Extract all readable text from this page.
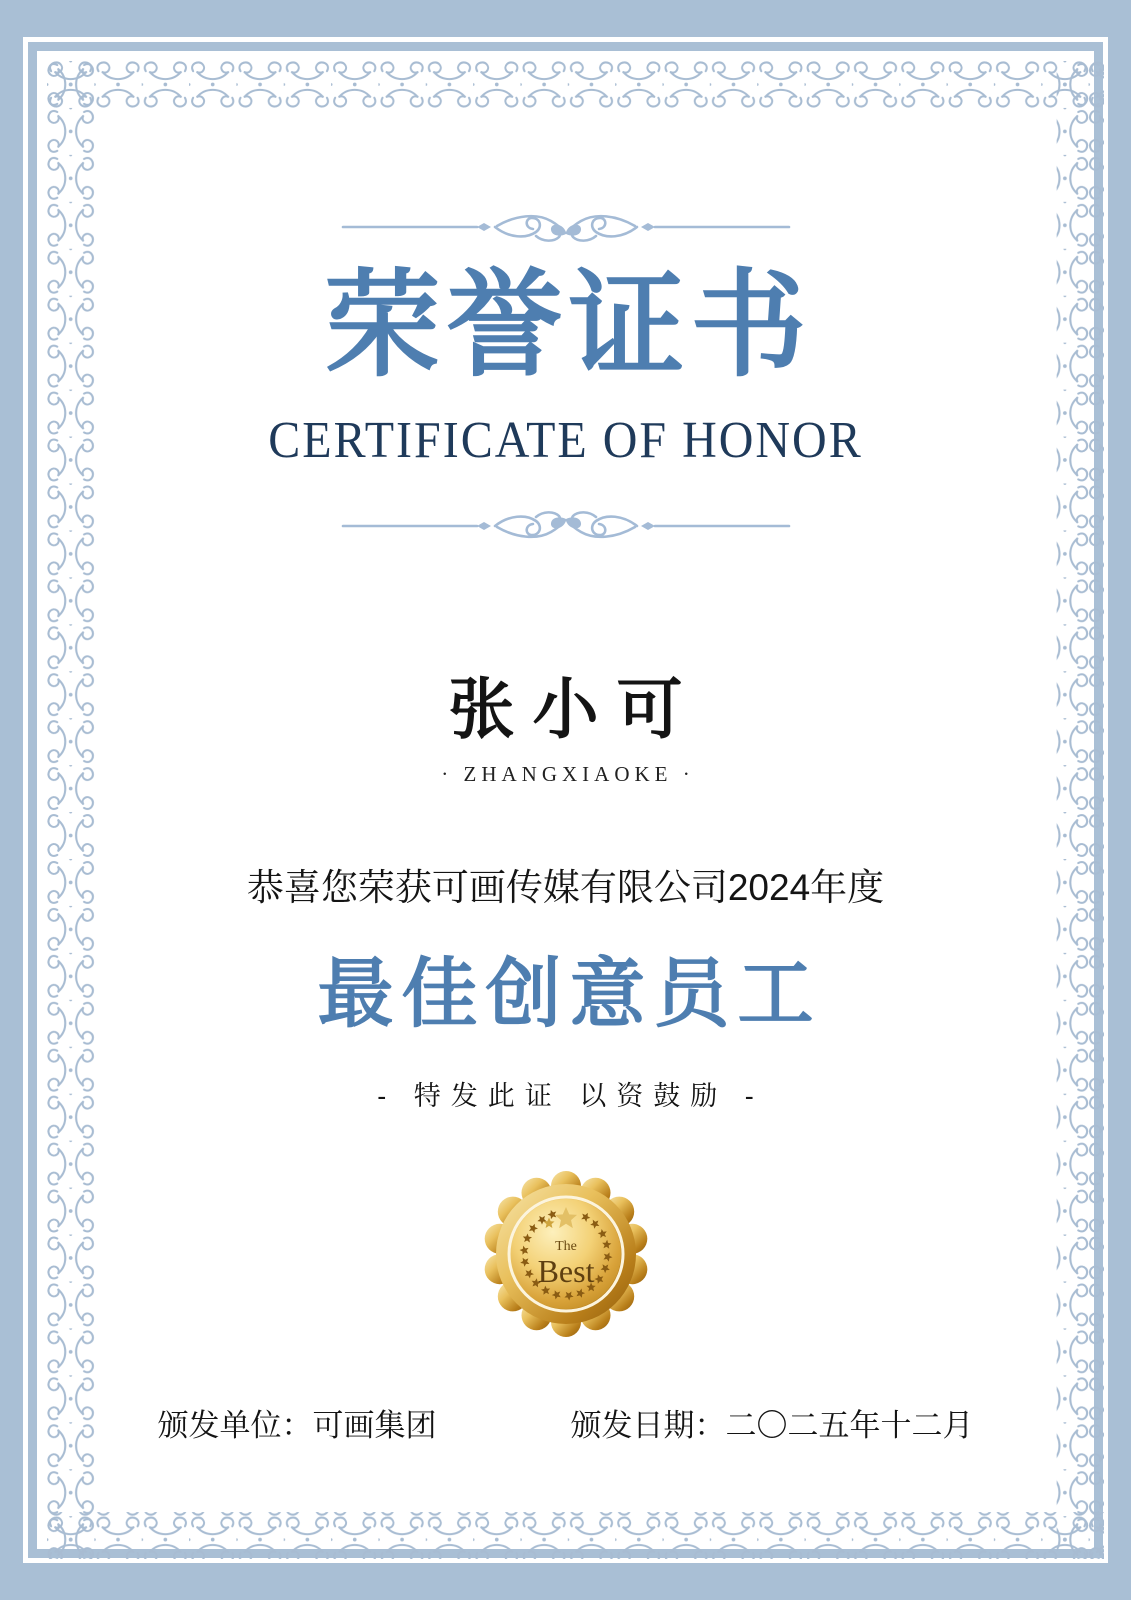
荣誉证书
CERTIFICATE OF HONOR
张小可
· ZHANGXIAOKE ·
恭喜您荣获可画传媒有限公司2024年度
最佳创意员工
- 特发此证 以资鼓励 -
The
Best
颁发单位：可画集团	颁发日期：二〇二五年十二月
